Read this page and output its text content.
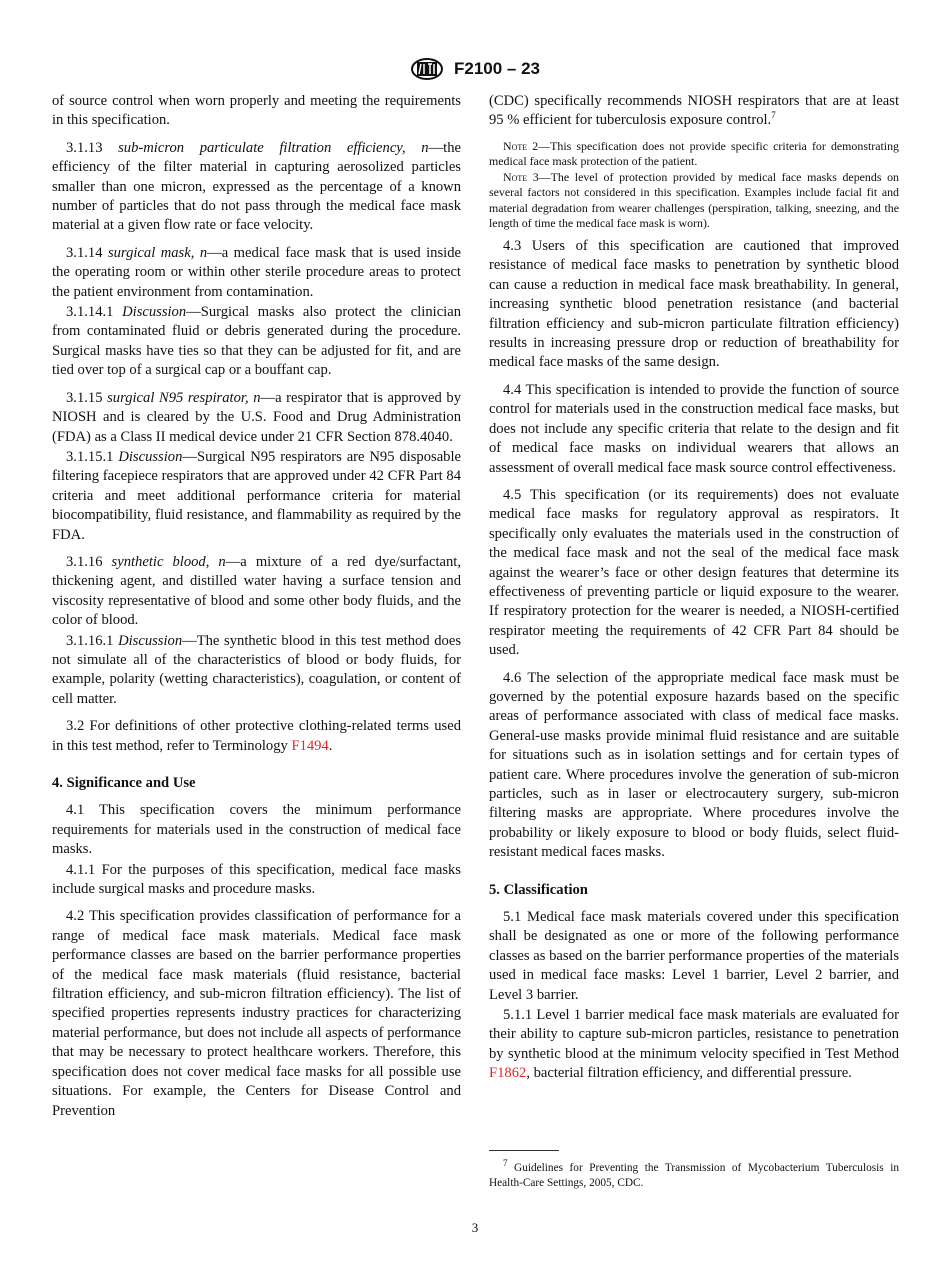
F2100 – 23

of source control when worn properly and meeting the requirements in this specification.

3.1.13 sub-micron particulate filtration efficiency, n—the efficiency of the filter material in capturing aerosolized particles smaller than one micron, expressed as the percentage of a known number of particles that do not pass through the medical face mask material at a given flow rate or face velocity.

3.1.14 surgical mask, n—a medical face mask that is used inside the operating room or within other sterile procedure areas to protect the patient environment from contamination.

3.1.14.1 Discussion—Surgical masks also protect the clinician from contaminated fluid or debris generated during the procedure. Surgical masks have ties so that they can be adjusted for fit, and are tied over top of a surgical cap or a bouffant cap.

3.1.15 surgical N95 respirator, n—a respirator that is approved by NIOSH and is cleared by the U.S. Food and Drug Administration (FDA) as a Class II medical device under 21 CFR Section 878.4040.

3.1.15.1 Discussion—Surgical N95 respirators are N95 disposable filtering facepiece respirators that are approved under 42 CFR Part 84 criteria and meet additional performance criteria for material biocompatibility, fluid resistance, and flammability as required by the FDA.

3.1.16 synthetic blood, n—a mixture of a red dye/surfactant, thickening agent, and distilled water having a surface tension and viscosity representative of blood and some other body fluids, and the color of blood.

3.1.16.1 Discussion—The synthetic blood in this test method does not simulate all of the characteristics of blood or body fluids, for example, polarity (wetting characteristics), coagulation, or content of cell matter.

3.2 For definitions of other protective clothing-related terms used in this test method, refer to Terminology F1494.

4. Significance and Use

4.1 This specification covers the minimum performance requirements for materials used in the construction of medical face masks.

4.1.1 For the purposes of this specification, medical face masks include surgical masks and procedure masks.

4.2 This specification provides classification of performance for a range of medical face mask materials. Medical face mask performance classes are based on the barrier performance properties of the medical face mask materials (fluid resistance, bacterial filtration efficiency, and sub-micron filtration efficiency). The list of specified properties represents industry practices for characterizing material performance, but does not include all aspects of performance that may be necessary to protect healthcare workers. Therefore, this specification does not cover medical face masks for all possible use situations. For example, the Centers for Disease Control and Prevention

(CDC) specifically recommends NIOSH respirators that are at least 95 % efficient for tuberculosis exposure control.$^7$

Note 2—This specification does not provide specific criteria for demonstrating medical face mask protection of the patient.

Note 3—The level of protection provided by medical face masks depends on several factors not considered in this specification. Examples include facial fit and material degradation from wearer challenges (perspiration, talking, sneezing, and the length of time the medical face mask is worn).

4.3 Users of this specification are cautioned that improved resistance of medical face masks to penetration by synthetic blood can cause a reduction in medical face mask breathability. In general, increasing synthetic blood penetration resistance (and bacterial filtration efficiency and sub-micron particulate filtration efficiency) results in increasing pressure drop or reduction of breathability for medical face masks of the same design.

4.4 This specification is intended to provide the function of source control for materials used in the construction medical face masks, but does not include any specific criteria that relate to the design and fit of medical face masks on individual wearers that allows an assessment of overall medical face mask source control effectiveness.

4.5 This specification (or its requirements) does not evaluate medical face masks for regulatory approval as respirators. It specifically only evaluates the materials used in the construction of the medical face mask and not the seal of the medical face mask against the wearer’s face or other design features that determine its effectiveness of preventing particle or liquid exposure to the wearer. If respiratory protection for the wearer is needed, a NIOSH-certified respirator meeting the requirements of 42 CFR Part 84 should be used.

4.6 The selection of the appropriate medical face mask must be governed by the potential exposure hazards based on the specific areas of performance associated with class of medical face masks. General-use masks provide minimal fluid resistance and are suitable for situations such as in isolation settings and for certain types of patient care. Where procedures involve the generation of sub-micron particles, such as in laser or electrocautery surgery, sub-micron filtering masks are appropriate. Where procedures involve the probability or likely exposure to blood or body fluids, select fluid-resistant medical faces masks.

5. Classification

5.1 Medical face mask materials covered under this specification shall be designated as one or more of the following performance classes as based on the barrier performance properties of the materials used in medical face masks: Level 1 barrier, Level 2 barrier, and Level 3 barrier.

5.1.1 Level 1 barrier medical face mask materials are evaluated for their ability to capture sub-micron particles, resistance to penetration by synthetic blood at the minimum velocity specified in Test Method F1862, bacterial filtration efficiency, and differential pressure.

$^7$ Guidelines for Preventing the Transmission of Mycobacterium Tuberculosis in Health-Care Settings, 2005, CDC.
3
